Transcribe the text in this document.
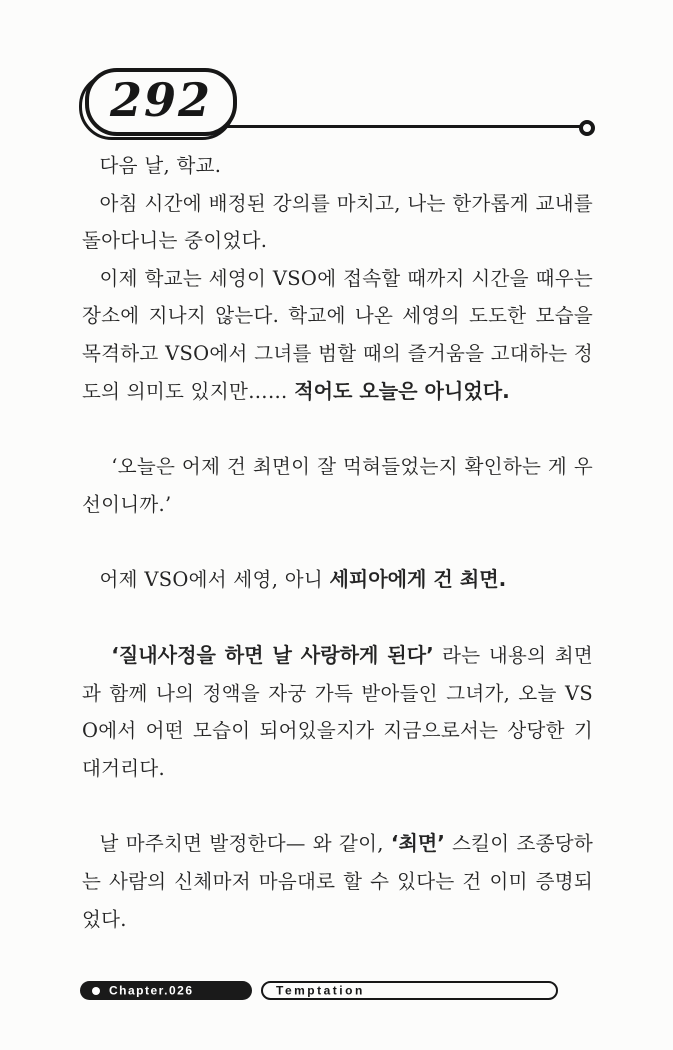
292

다음 날, 학교.

아침 시간에 배정된 강의를 마치고, 나는 한가롭게 교내를 돌아다니는 중이었다.

이제 학교는 세영이 VSO에 접속할 때까지 시간을 때우는 장소에 지나지 않는다. 학교에 나온 세영의 도도한 모습을 목격하고 VSO에서 그녀를 범할 때의 즐거움을 고대하는 정도의 의미도 있지만…… 적어도 오늘은 아니었다.

‘오늘은 어제 건 최면이 잘 먹혀들었는지 확인하는 게 우선이니까.’

어제 VSO에서 세영, 아니 세피아에게 건 최면.

‘질내사정을 하면 날 사랑하게 된다’ 라는 내용의 최면과 함께 나의 정액을 자궁 가득 받아들인 그녀가, 오늘 VSO에서 어떤 모습이 되어있을지가 지금으로서는 상당한 기대거리다.

날 마주치면 발정한다— 와 같이, ‘최면’ 스킬이 조종당하는 사람의 신체마저 마음대로 할 수 있다는 건 이미 증명되었다.

Chapter.026	Temptation
